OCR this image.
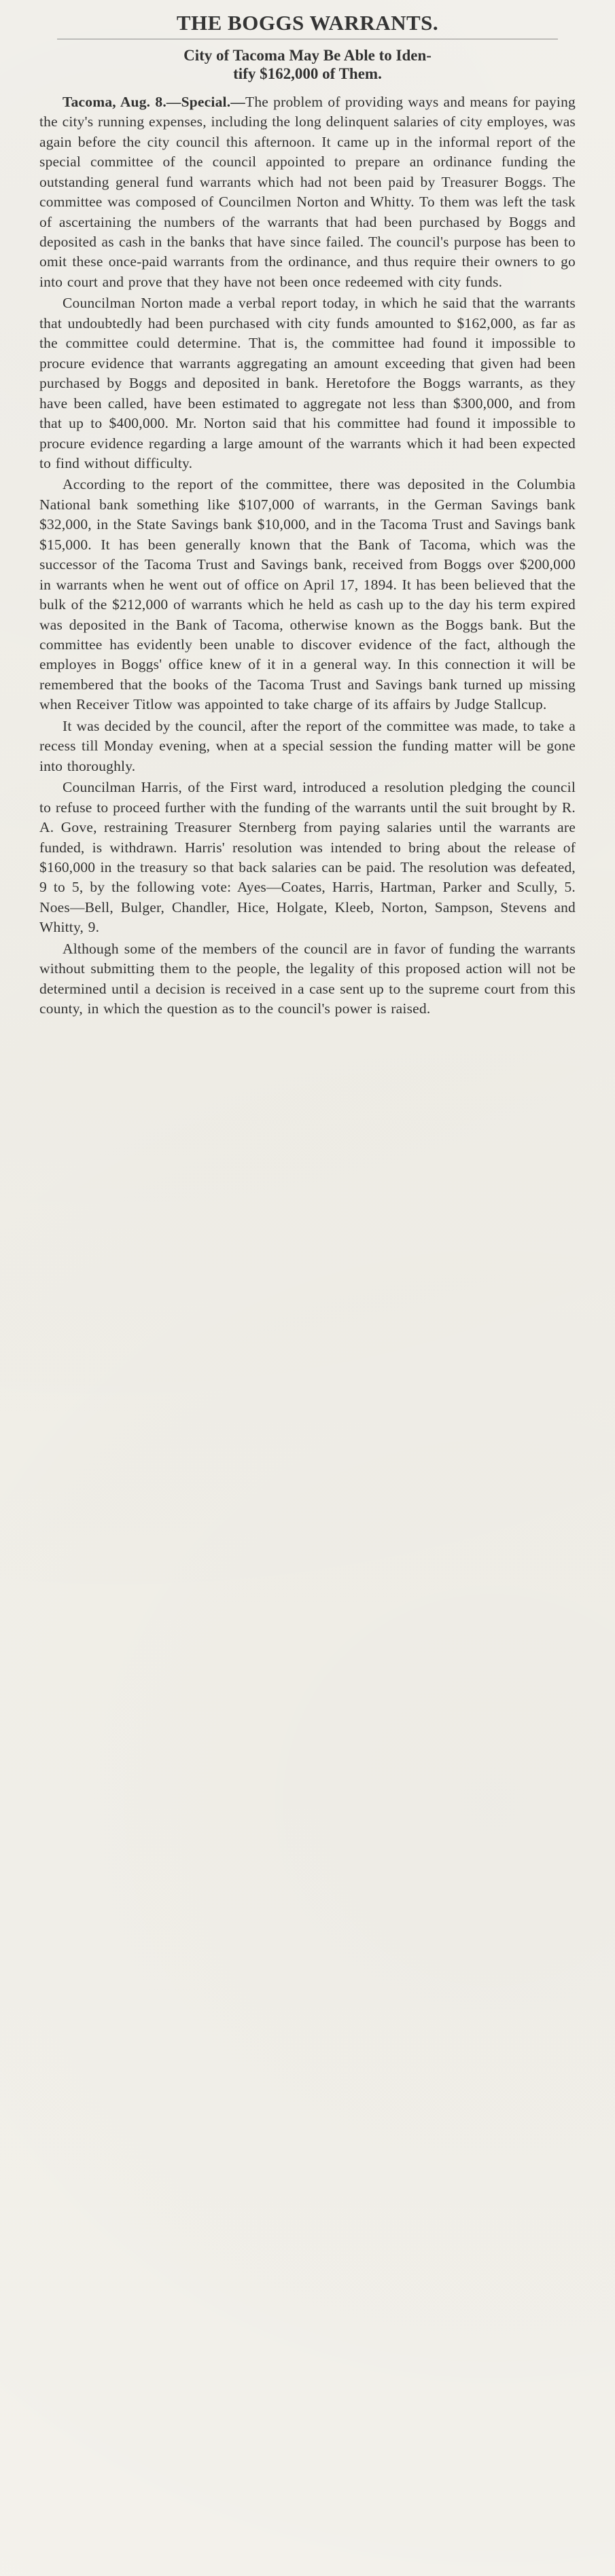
THE BOGGS WARRANTS.
City of Tacoma May Be Able to Iden-
tify $162,000 of Them.

Tacoma, Aug. 8.—Special.—The problem of providing ways and means for paying the city's running expenses, including the long delinquent salaries of city employes, was again before the city council this afternoon. It came up in the informal report of the special committee of the council appointed to prepare an ordinance funding the outstanding general fund warrants which had not been paid by Treasurer Boggs. The committee was composed of Councilmen Norton and Whitty. To them was left the task of ascertaining the numbers of the warrants that had been purchased by Boggs and deposited as cash in the banks that have since failed. The council's purpose has been to omit these once-paid warrants from the ordinance, and thus require their owners to go into court and prove that they have not been once redeemed with city funds.

Councilman Norton made a verbal report today, in which he said that the warrants that undoubtedly had been purchased with city funds amounted to $162,000, as far as the committee could determine. That is, the committee had found it impossible to procure evidence that warrants aggregating an amount exceeding that given had been purchased by Boggs and deposited in bank. Heretofore the Boggs warrants, as they have been called, have been estimated to aggregate not less than $300,000, and from that up to $400,000. Mr. Norton said that his committee had found it impossible to procure evidence regarding a large amount of the warrants which it had been expected to find without difficulty.

According to the report of the committee, there was deposited in the Columbia National bank something like $107,000 of warrants, in the German Savings bank $32,000, in the State Savings bank $10,000, and in the Tacoma Trust and Savings bank $15,000. It has been generally known that the Bank of Tacoma, which was the successor of the Tacoma Trust and Savings bank, received from Boggs over $200,000 in warrants when he went out of office on April 17, 1894. It has been believed that the bulk of the $212,000 of warrants which he held as cash up to the day his term expired was deposited in the Bank of Tacoma, otherwise known as the Boggs bank. But the committee has evidently been unable to discover evidence of the fact, although the employes in Boggs' office knew of it in a general way. In this connection it will be remembered that the books of the Tacoma Trust and Savings bank turned up missing when Receiver Titlow was appointed to take charge of its affairs by Judge Stallcup.

It was decided by the council, after the report of the committee was made, to take a recess till Monday evening, when at a special session the funding matter will be gone into thoroughly.

Councilman Harris, of the First ward, introduced a resolution pledging the council to refuse to proceed further with the funding of the warrants until the suit brought by R. A. Gove, restraining Treasurer Sternberg from paying salaries until the warrants are funded, is withdrawn. Harris' resolution was intended to bring about the release of $160,000 in the treasury so that back salaries can be paid. The resolution was defeated, 9 to 5, by the following vote: Ayes—Coates, Harris, Hartman, Parker and Scully, 5. Noes—Bell, Bulger, Chandler, Hice, Holgate, Kleeb, Norton, Sampson, Stevens and Whitty, 9.

Although some of the members of the council are in favor of funding the warrants without submitting them to the people, the legality of this proposed action will not be determined until a decision is received in a case sent up to the supreme court from this county, in which the question as to the council's power is raised.
